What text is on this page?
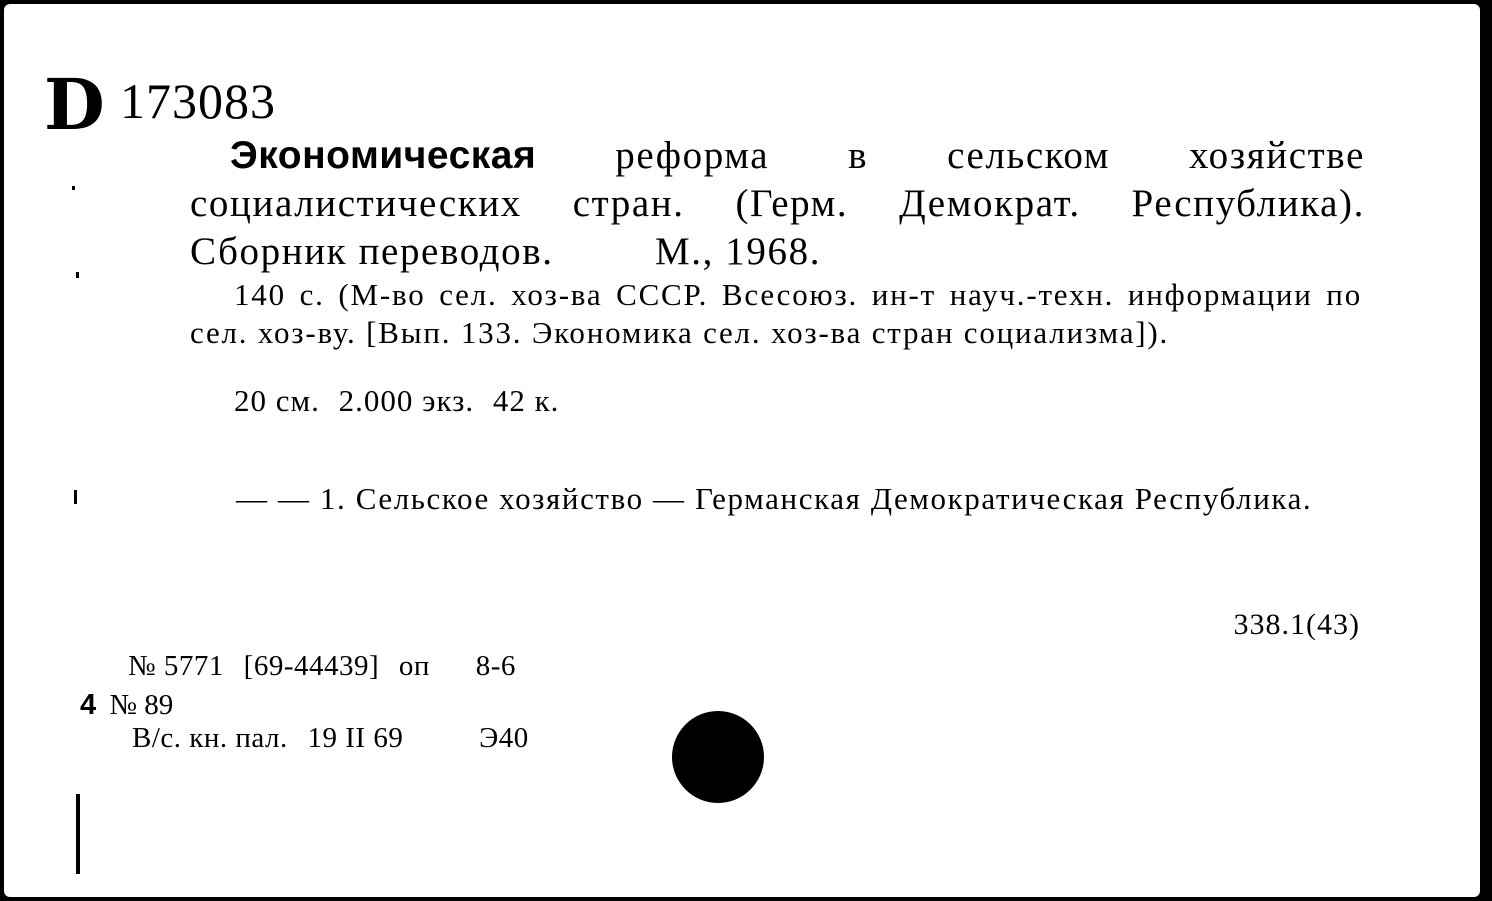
D 173083
Экономическая реформа в сельском хозяйстве социалистических стран. (Герм. Демократ. Республика). Сборник переводов.	М., 1968.
140 с. (М-во сел. хоз-ва СССР. Всесоюз. ин-т науч.-техн. информации по сел. хоз-ву. [Вып. 133. Экономика сел. хоз-ва стран социализма]).
20 см. 2.000 экз. 42 к.
— — 1. Сельское хозяйство — Германская Демократическая Республика.
338.1(43)
№ 5771 [69-44439] оп 8-6
4 № 89
В/с. кн. пал. 19 II 69	Э40
